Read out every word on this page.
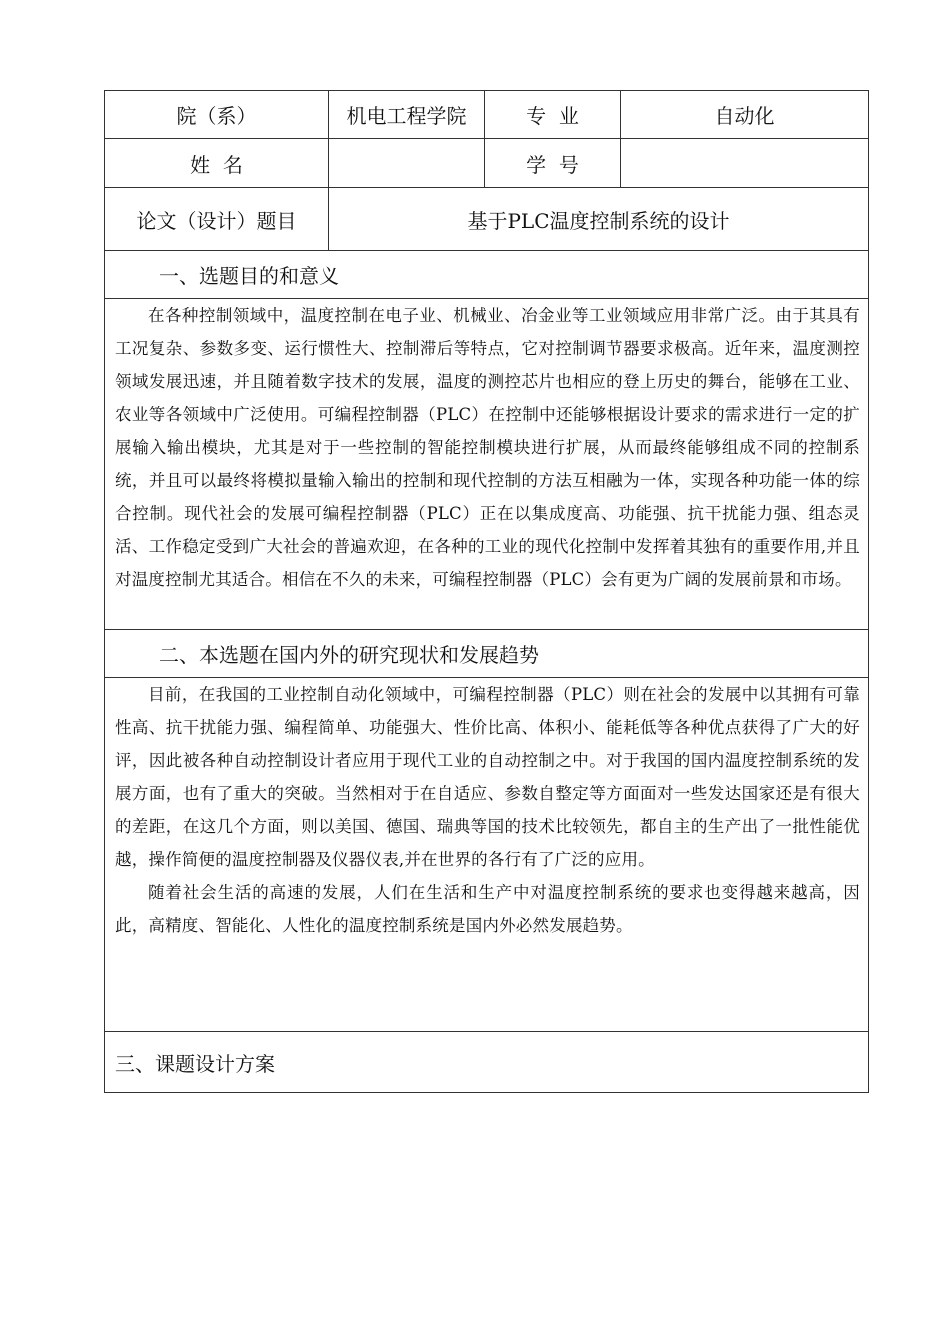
院（系）	机电工程学院	专  业	自动化
姓  名		学  号	
论文（设计）题目	基于PLC温度控制系统的设计		
一、选题目的和意义			

在各种控制领域中，温度控制在电子业、机械业、冶金业等工业领域应用非常广泛。由于其具有工况复杂、参数多变、运行惯性大、控制滞后等特点，它对控制调节器要求极高。近年来，温度测控领域发展迅速，并且随着数字技术的发展，温度的测控芯片也相应的登上历史的舞台，能够在工业、农业等各领域中广泛使用。可编程控制器（PLC）在控制中还能够根据设计要求的需求进行一定的扩展输入输出模块，尤其是对于一些控制的智能控制模块进行扩展，从而最终能够组成不同的控制系统，并且可以最终将模拟量输入输出的控制和现代控制的方法互相融为一体，实现各种功能一体的综合控制。现代社会的发展可编程控制器（PLC）正在以集成度高、功能强、抗干扰能力强、组态灵活、工作稳定受到广大社会的普遍欢迎，在各种的工业的现代化控制中发挥着其独有的重要作用,并且对温度控制尤其适合。相信在不久的未来，可编程控制器（PLC）会有更为广阔的发展前景和市场。			

二、本选题在国内外的研究现状和发展趋势			

目前，在我国的工业控制自动化领域中，可编程控制器（PLC）则在社会的发展中以其拥有可靠性高、抗干扰能力强、编程简单、功能强大、性价比高、体积小、能耗低等各种优点获得了广大的好评，因此被各种自动控制设计者应用于现代工业的自动控制之中。对于我国的国内温度控制系统的发展方面，也有了重大的突破。当然相对于在自适应、参数自整定等方面面对一些发达国家还是有很大的差距，在这几个方面，则以美国、德国、瑞典等国的技术比较领先，都自主的生产出了一批性能优越，操作简便的温度控制器及仪器仪表,并在世界的各行有了广泛的应用。

随着社会生活的高速的发展，人们在生活和生产中对温度控制系统的要求也变得越来越高，因此，高精度、智能化、人性化的温度控制系统是国内外必然发展趋势。			

三、课题设计方案			
